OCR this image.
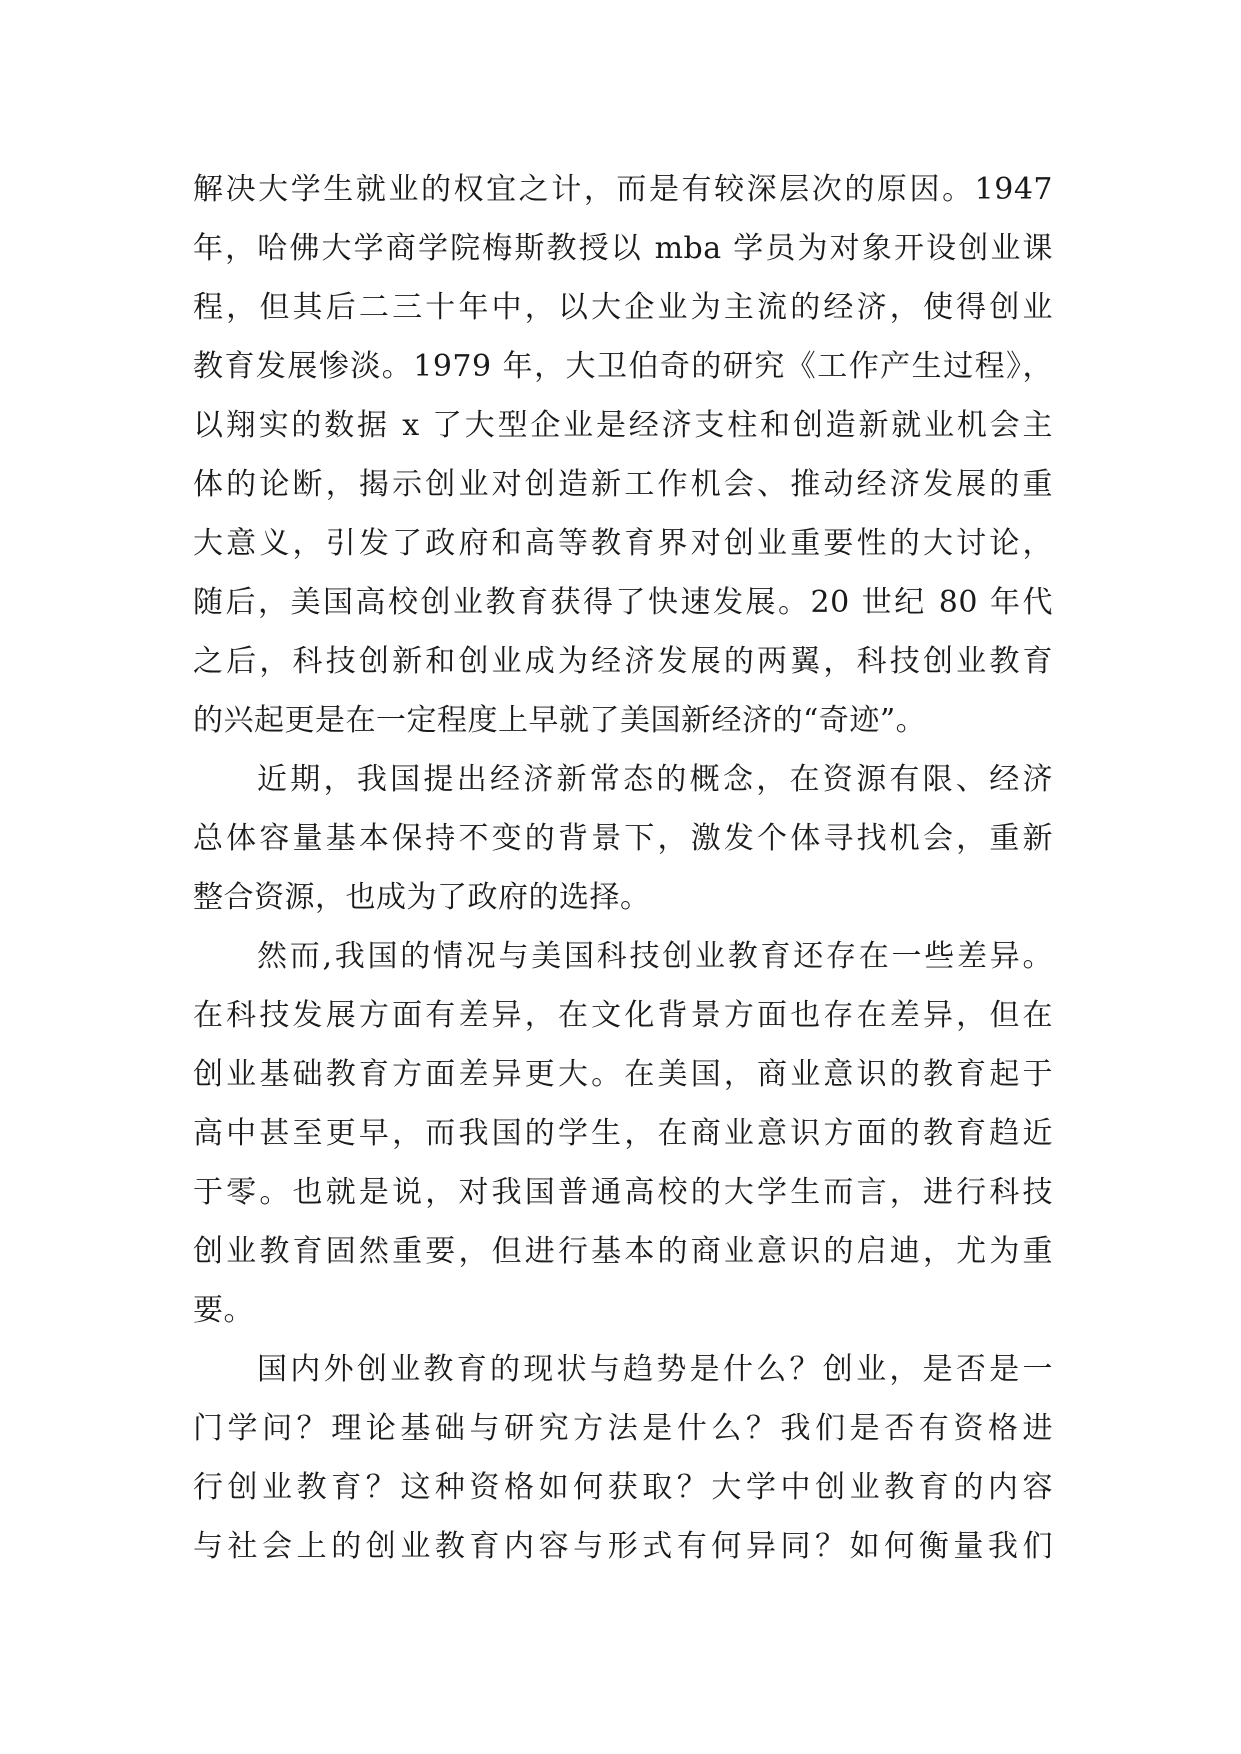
解决大学生就业的权宜之计，而是有较深层次的原因。1947
年，哈佛大学商学院梅斯教授以 mba 学员为对象开设创业课
程，但其后二三十年中，以大企业为主流的经济，使得创业
教育发展惨淡。1979 年，大卫伯奇的研究《工作产生过程》，
以翔实的数据 x 了大型企业是经济支柱和创造新就业机会主
体的论断，揭示创业对创造新工作机会、推动经济发展的重
大意义，引发了政府和高等教育界对创业重要性的大讨论，
随后，美国高校创业教育获得了快速发展。20 世纪 80 年代
之后，科技创新和创业成为经济发展的两翼，科技创业教育
的兴起更是在一定程度上早就了美国新经济的“奇迹”。
近期，我国提出经济新常态的概念，在资源有限、经济
总体容量基本保持不变的背景下，激发个体寻找机会，重新
整合资源，也成为了政府的选择。
然而,我国的情况与美国科技创业教育还存在一些差异。
在科技发展方面有差异，在文化背景方面也存在差异，但在
创业基础教育方面差异更大。在美国，商业意识的教育起于
高中甚至更早，而我国的学生，在商业意识方面的教育趋近
于零。也就是说，对我国普通高校的大学生而言，进行科技
创业教育固然重要，但进行基本的商业意识的启迪，尤为重
要。
国内外创业教育的现状与趋势是什么？创业，是否是一
门学问？理论基础与研究方法是什么？我们是否有资格进
行创业教育？这种资格如何获取？大学中创业教育的内容
与社会上的创业教育内容与形式有何异同？如何衡量我们
